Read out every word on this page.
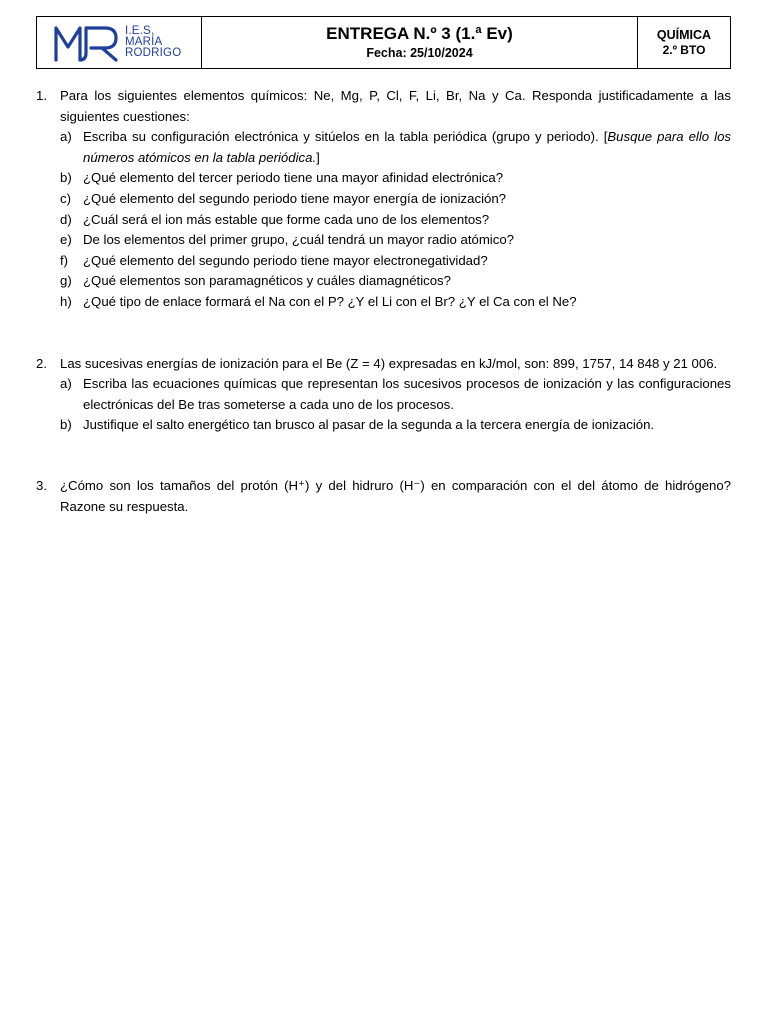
I.E.S.
MARÍA
RODRIGO
ENTREGA N.º 3 (1.ª Ev)
Fecha: 25/10/2024
QUÍMICA
2.º BTO
1. Para los siguientes elementos químicos: Ne, Mg, P, Cl, F, Li, Br, Na y Ca. Responda justificadamente a las siguientes cuestiones:
a) Escriba su configuración electrónica y sitúelos en la tabla periódica (grupo y periodo). [Busque para ello los números atómicos en la tabla periódica.]
b) ¿Qué elemento del tercer periodo tiene una mayor afinidad electrónica?
c) ¿Qué elemento del segundo periodo tiene mayor energía de ionización?
d) ¿Cuál será el ion más estable que forme cada uno de los elementos?
e) De los elementos del primer grupo, ¿cuál tendrá un mayor radio atómico?
f)	¿Qué elemento del segundo periodo tiene mayor electronegatividad?
g) ¿Qué elementos son paramagnéticos y cuáles diamagnéticos?
h) ¿Qué tipo de enlace formará el Na con el P? ¿Y el Li con el Br? ¿Y el Ca con el Ne?
2. Las sucesivas energías de ionización para el Be (Z = 4) expresadas en kJ/mol, son: 899, 1757, 14 848 y 21 006.
a) Escriba las ecuaciones químicas que representan los sucesivos procesos de ionización y las configuraciones electrónicas del Be tras someterse a cada uno de los procesos.
b) Justifique el salto energético tan brusco al pasar de la segunda a la tercera energía de ionización.
3. ¿Cómo son los tamaños del protón (H⁺) y del hidruro (H⁻) en comparación con el del átomo de hidrógeno? Razone su respuesta.
